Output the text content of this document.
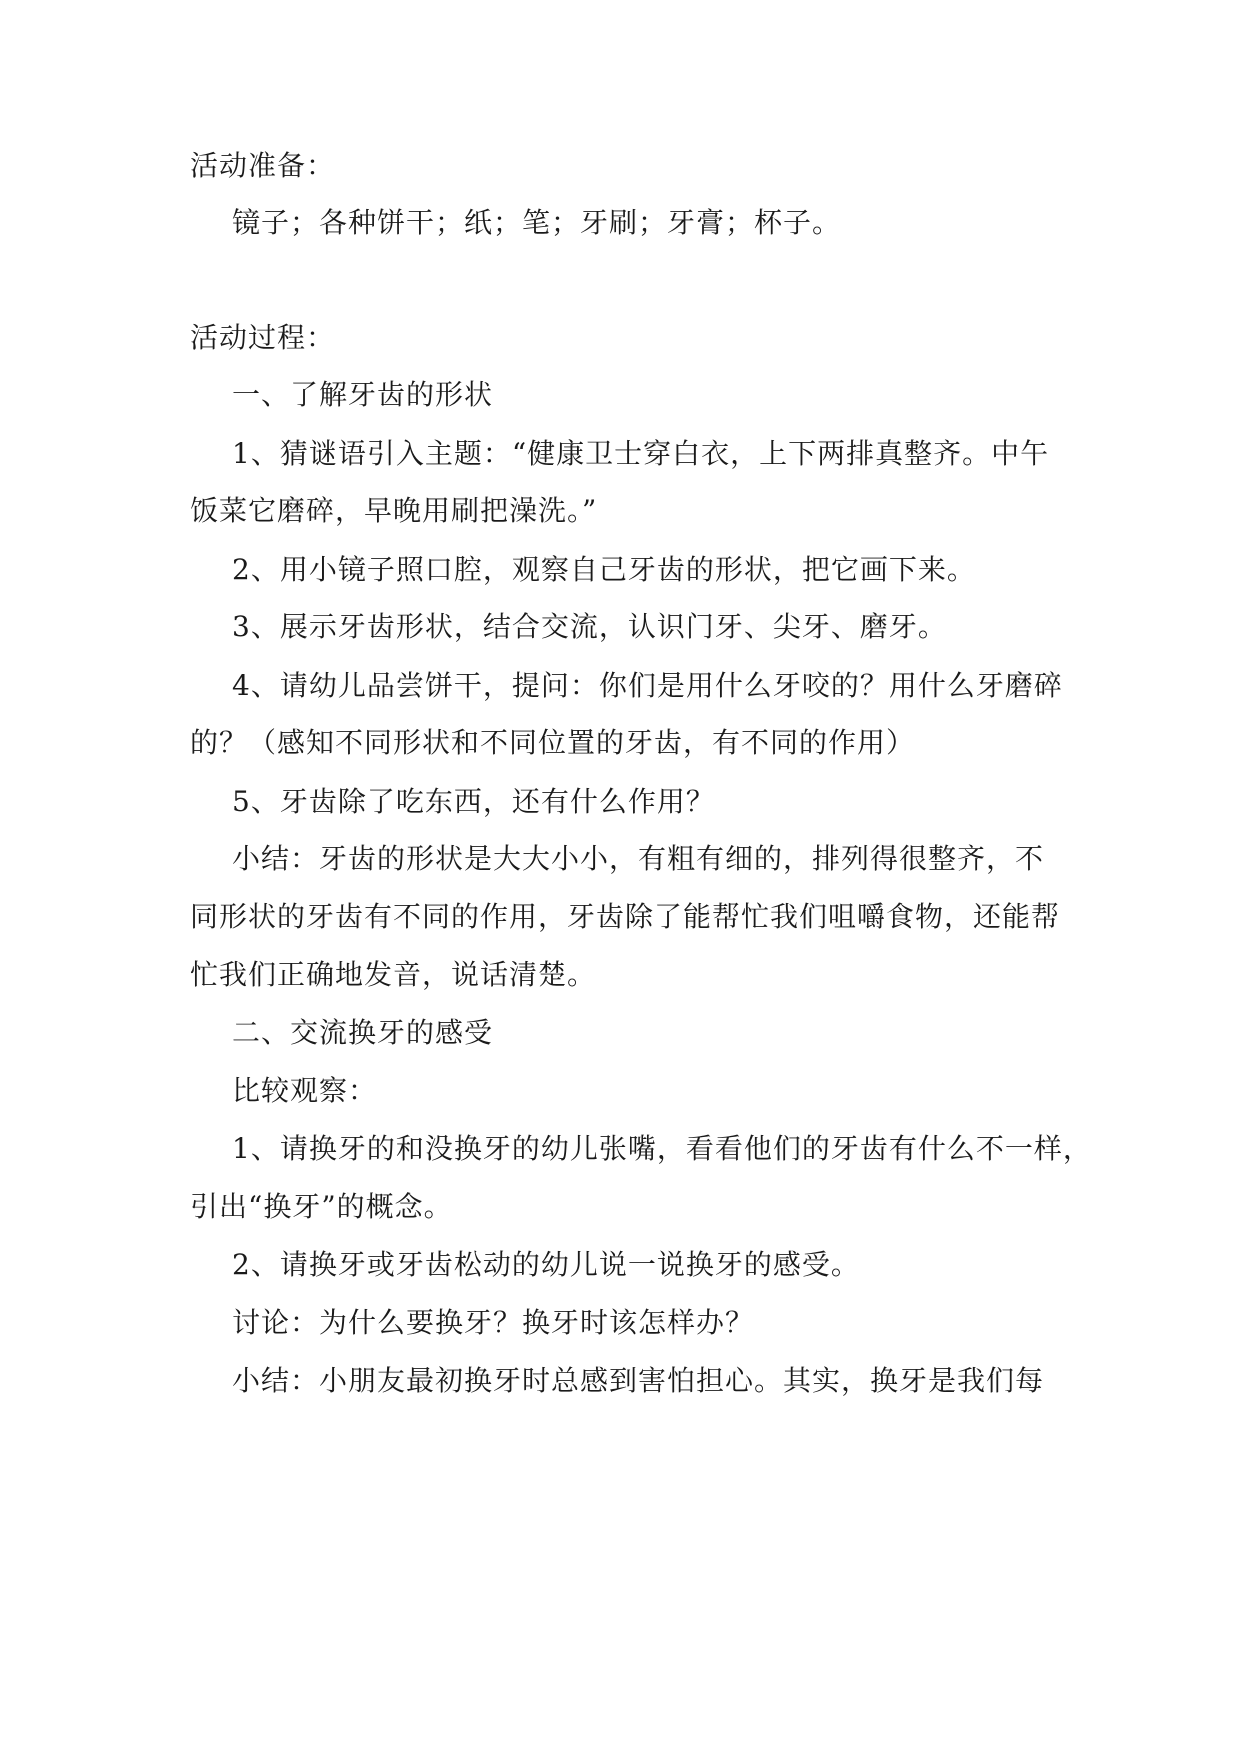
活动准备：
镜子；各种饼干；纸；笔；牙刷；牙膏；杯子。
活动过程：
一、了解牙齿的形状
1、猜谜语引入主题：“健康卫士穿白衣，上下两排真整齐。中午
饭菜它磨碎，早晚用刷把澡洗。”
2、用小镜子照口腔，观察自己牙齿的形状，把它画下来。
3、展示牙齿形状，结合交流，认识门牙、尖牙、磨牙。
4、请幼儿品尝饼干，提问：你们是用什么牙咬的？用什么牙磨碎
的？（感知不同形状和不同位置的牙齿，有不同的作用）
5、牙齿除了吃东西，还有什么作用？
小结：牙齿的形状是大大小小，有粗有细的，排列得很整齐，不
同形状的牙齿有不同的作用，牙齿除了能帮忙我们咀嚼食物，还能帮
忙我们正确地发音，说话清楚。
二、交流换牙的感受
比较观察：
1、请换牙的和没换牙的幼儿张嘴，看看他们的牙齿有什么不一样，
引出“换牙”的概念。
2、请换牙或牙齿松动的幼儿说一说换牙的感受。
讨论：为什么要换牙？换牙时该怎样办？
小结：小朋友最初换牙时总感到害怕担心。其实，换牙是我们每
